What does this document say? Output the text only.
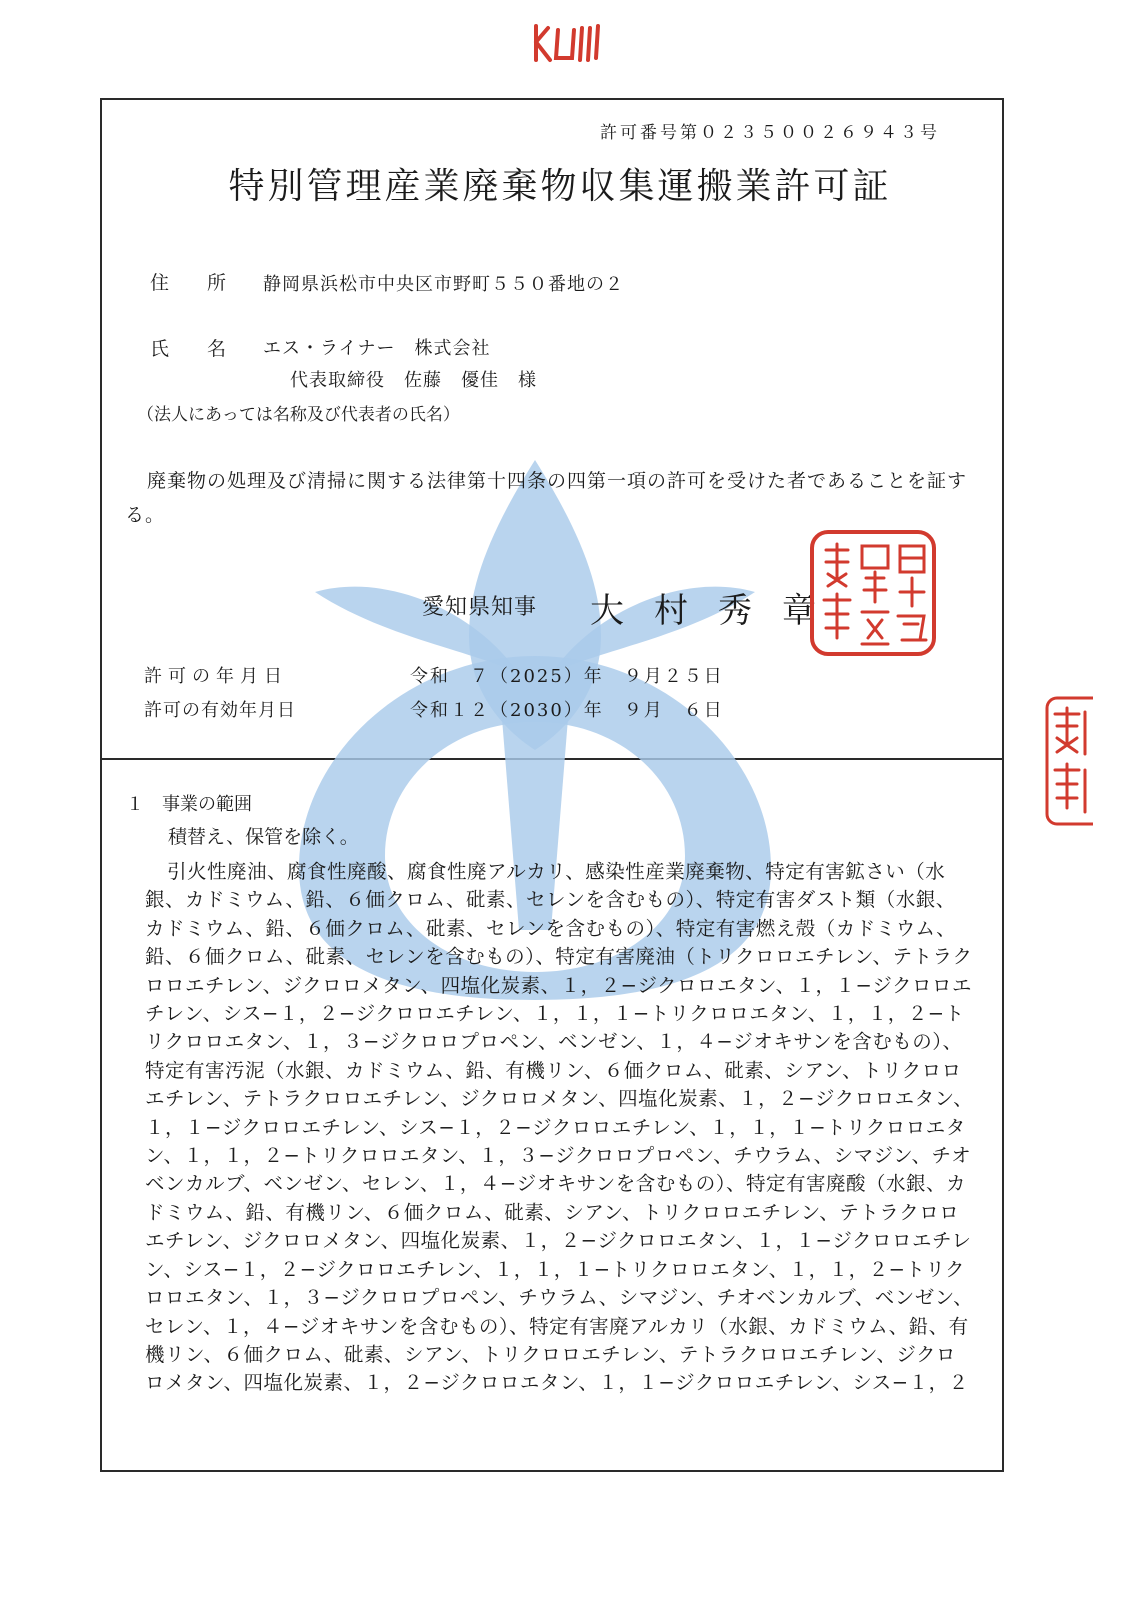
許可番号第０２３５００２６９４３号
特別管理産業廃棄物収集運搬業許可証
住所
静岡県浜松市中央区市野町５５０番地の２
氏名
エス・ライナー　株式会社
代表取締役　佐藤　優佳　様
（法人にあっては名称及び代表者の氏名）
廃棄物の処理及び清掃に関する法律第十四条の四第一項の許可を受けた者であることを証する。
愛知県知事 大村秀章
許可の年月日	令和　７（2025）年　９月２５日
許可の有効年月日	令和１２（2030）年　９月　６日
１　事業の範囲
積替え、保管を除く。
引火性廃油、腐食性廃酸、腐食性廃アルカリ、感染性産業廃棄物、特定有害鉱さい（水銀、カドミウム、鉛、６価クロム、砒素、セレンを含むもの）、特定有害ダスト類（水銀、カドミウム、鉛、６価クロム、砒素、セレンを含むもの）、特定有害燃え殻（カドミウム、鉛、６価クロム、砒素、セレンを含むもの）、特定有害廃油（トリクロロエチレン、テトラクロロエチレン、ジクロロメタン、四塩化炭素、１，２−ジクロロエタン、１，１−ジクロロエチレン、シス−１，２−ジクロロエチレン、１，１，１−トリクロロエタン、１，１，２−トリクロロエタン、１，３−ジクロロプロペン、ベンゼン、１，４−ジオキサンを含むもの）、特定有害汚泥（水銀、カドミウム、鉛、有機リン、６価クロム、砒素、シアン、トリクロロエチレン、テトラクロロエチレン、ジクロロメタン、四塩化炭素、１，２−ジクロロエタン、１，１−ジクロロエチレン、シス−１，２−ジクロロエチレン、１，１，１−トリクロロエタン、１，１，２−トリクロロエタン、１，３−ジクロロプロペン、チウラム、シマジン、チオベンカルブ、ベンゼン、セレン、１，４−ジオキサンを含むもの）、特定有害廃酸（水銀、カドミウム、鉛、有機リン、６価クロム、砒素、シアン、トリクロロエチレン、テトラクロロエチレン、ジクロロメタン、四塩化炭素、１，２−ジクロロエタン、１，１−ジクロロエチレン、シス−１，２−ジクロロエチレン、１，１，１−トリクロロエタン、１，１，２−トリクロロエタン、１，３−ジクロロプロペン、チウラム、シマジン、チオベンカルブ、ベンゼン、セレン、１，４−ジオキサンを含むもの）、特定有害廃アルカリ（水銀、カドミウム、鉛、有機リン、６価クロム、砒素、シアン、トリクロロエチレン、テトラクロロエチレン、ジクロロメタン、四塩化炭素、１，２−ジクロロエタン、１，１−ジクロロエチレン、シス−１，２
